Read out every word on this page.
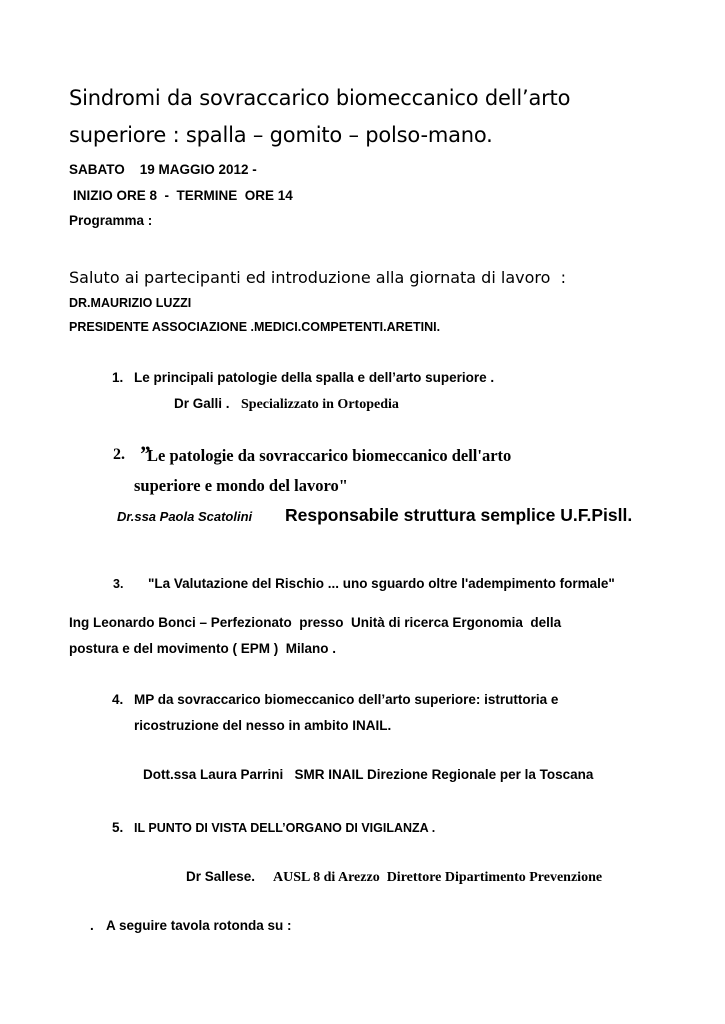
Sindromi da sovraccarico biomeccanico dell’arto
superiore : spalla – gomito – polso-mano.
SABATO    19 MAGGIO 2012 -
INIZIO ORE 8  -  TERMINE  ORE 14
Programma :
Saluto ai partecipanti ed introduzione alla giornata di lavoro  :
DR.MAURIZIO LUZZI
PRESIDENTE ASSOCIAZIONE .MEDICI.COMPETENTI.ARETINI.
1. Le principali patologie della spalla e dell’arto superiore .
Dr Galli . Specializzato in Ortopedia
2. ”
Le patologie da sovraccarico biomeccanico dell'arto
superiore e mondo del lavoro"
Dr.ssa Paola Scatolini Responsabile struttura semplice U.F.Pisll.
3. "La Valutazione del Rischio ... uno sguardo oltre l'adempimento formale"
Ing Leonardo Bonci – Perfezionato  presso  Unità di ricerca Ergonomia  della
postura e del movimento ( EPM )  Milano .
4. MP da sovraccarico biomeccanico dell’arto superiore: istruttoria e
ricostruzione del nesso in ambito INAIL.
Dott.ssa Laura Parrini   SMR INAIL Direzione Regionale per la Toscana
5. IL PUNTO DI VISTA DELL’ORGANO DI VIGILANZA .
Dr Sallese. AUSL 8 di Arezzo  Direttore Dipartimento Prevenzione
. A seguire tavola rotonda su :
